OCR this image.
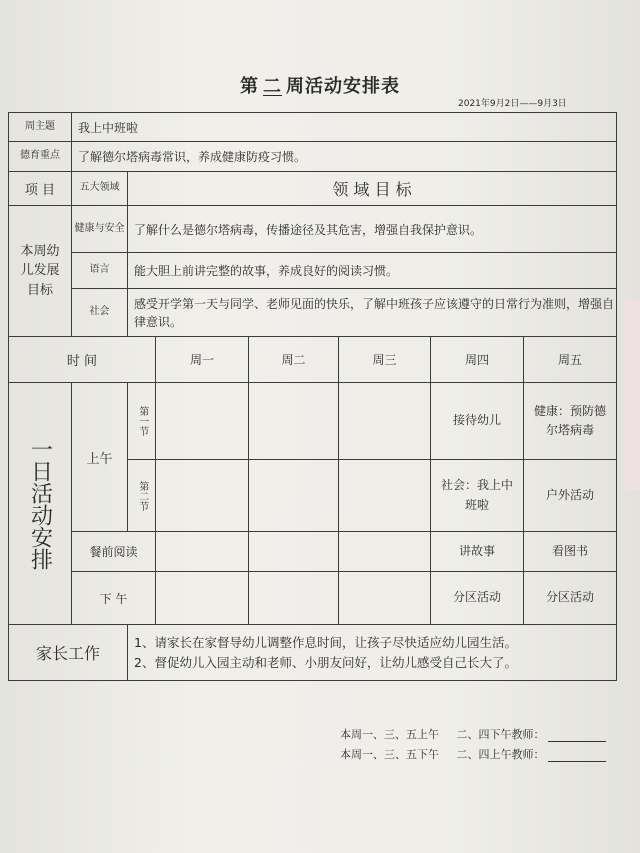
第 二 周活动安排表
2021年9月2日——9月3日
周主题	我上中班啦						
德育重点	了解德尔塔病毒常识，养成健康防疫习惯。						
项 目	五大领域	领 域 目 标					
本周幼儿发展目标	健康与安全	了解什么是德尔塔病毒，传播途径及其危害，增强自我保护意识。					
	语言	能大胆上前讲完整的故事，养成良好的阅读习惯。					
	社会	感受开学第一天与同学、老师见面的快乐，了解中班孩子应该遵守的日常行为准则，增强自律意识。					
时 间			周一	周二	周三	周四	周五

一日活动安排	上午	第一节				接待幼儿	健康：预防德尔塔病毒

		第二节				社会：我上中班啦	户外活动
	餐前阅读					讲故事	看图书
	下 午					分区活动	分区活动
家长工作		1、请家长在家督导幼儿调整作息时间，让孩子尽快适应幼儿园生活。
2、督促幼儿入园主动和老师、小朋友问好，让幼儿感受自己长大了。					
本周一、三、五上午 二、四下午教师：
本周一、三、五下午 二、四上午教师：
